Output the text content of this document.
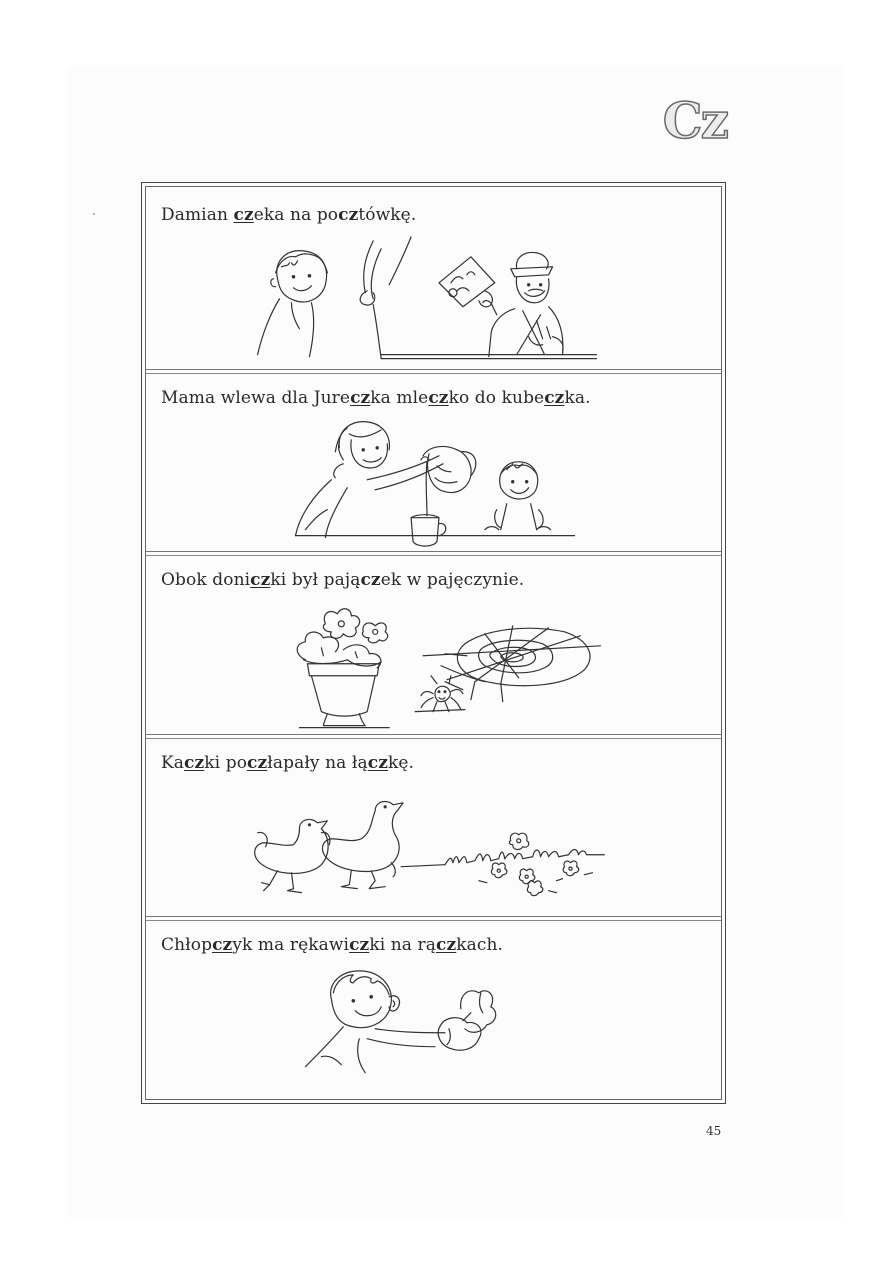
Cz
Damian czeka na pocztówkę.
Mama wlewa dla Jureczka mleczko do kubeczka.
Obok doniczki był pajączek w pajęczynie.
Kaczki poczłapały na łączkę.
Chłopczyk ma rękawiczki na rączkach.
45
